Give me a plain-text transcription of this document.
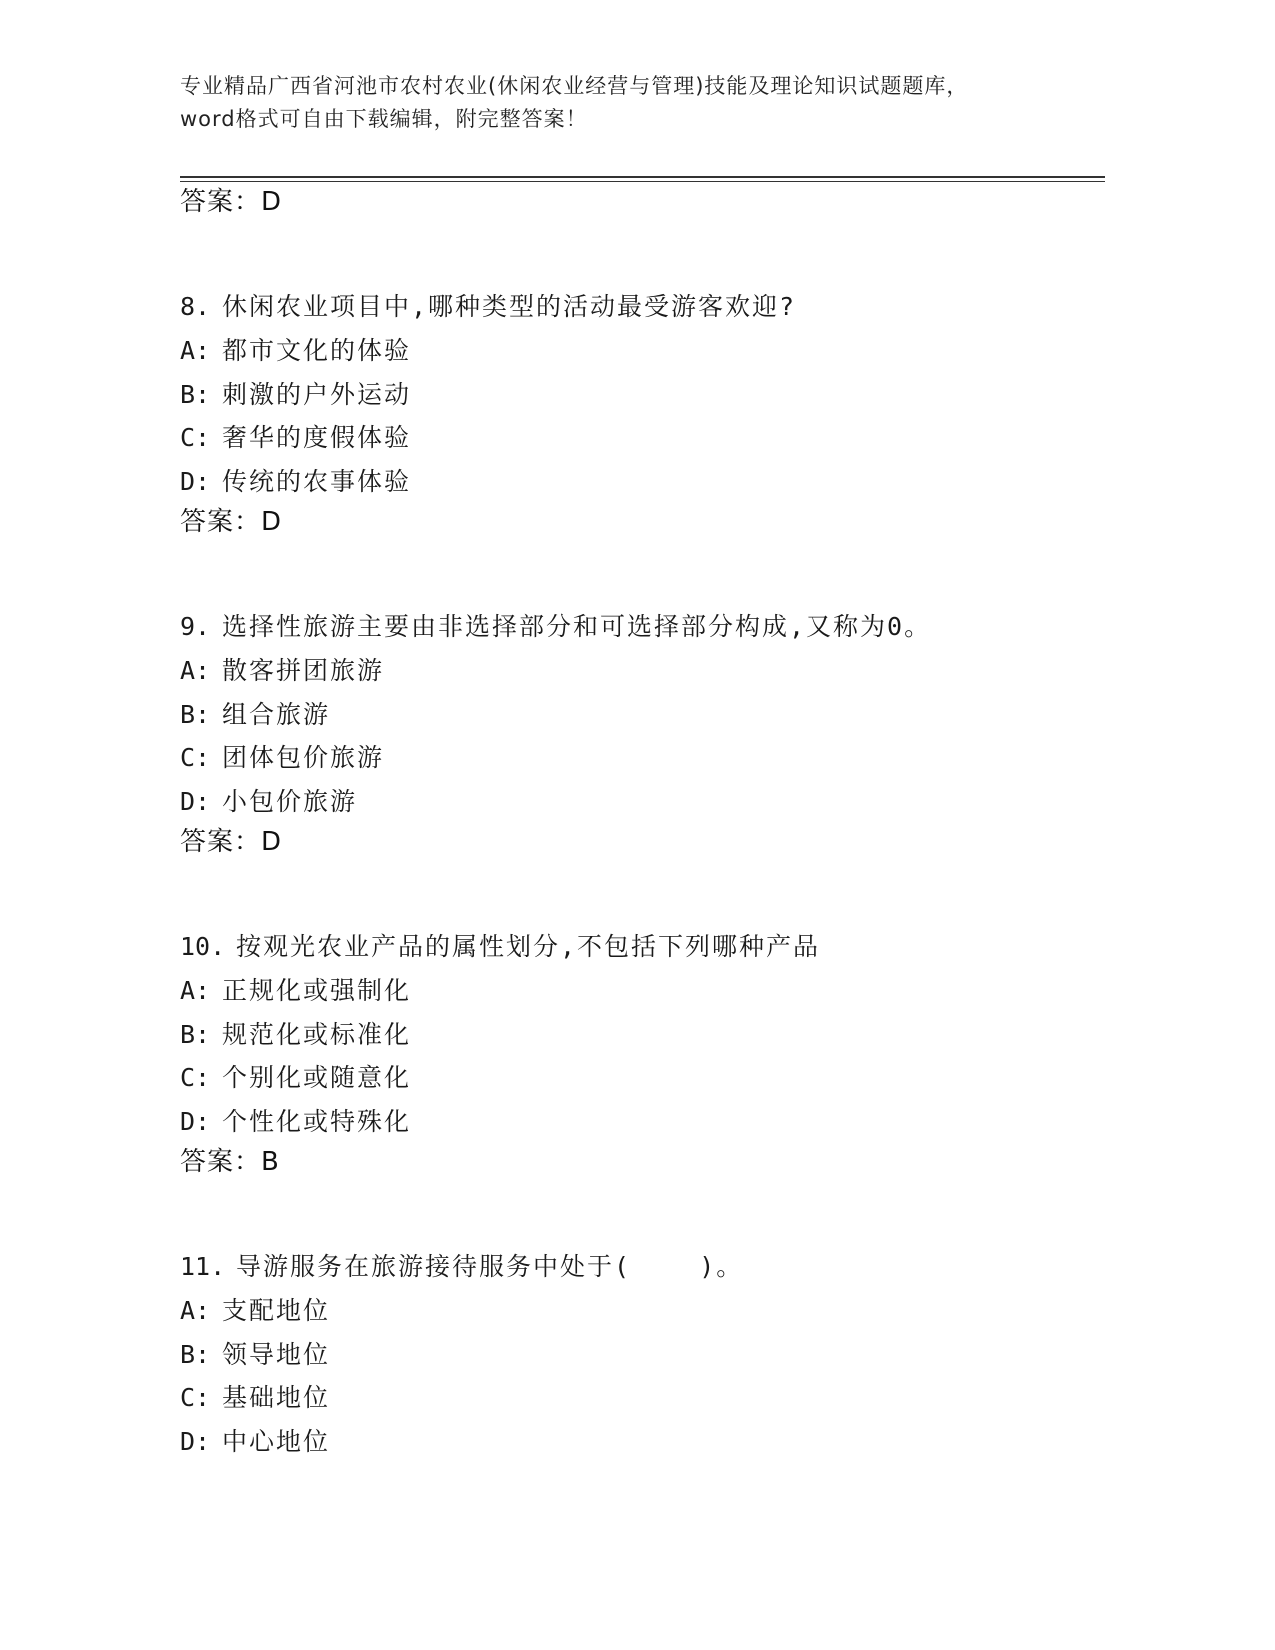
专业精品广西省河池市农村农业(休闲农业经营与管理)技能及理论知识试题题库，
word格式可自由下载编辑，附完整答案！
答案：D
8. 休闲农业项目中,哪种类型的活动最受游客欢迎?
A: 都市文化的体验
B: 刺激的户外运动
C: 奢华的度假体验
D: 传统的农事体验
答案：D
9. 选择性旅游主要由非选择部分和可选择部分构成,又称为0。
A: 散客拼团旅游
B: 组合旅游
C: 团体包价旅游
D: 小包价旅游
答案：D
10. 按观光农业产品的属性划分,不包括下列哪种产品
A: 正规化或强制化
B: 规范化或标准化
C: 个别化或随意化
D: 个性化或特殊化
答案：B
11. 导游服务在旅游接待服务中处于(    )。
A: 支配地位
B: 领导地位
C: 基础地位
D: 中心地位
